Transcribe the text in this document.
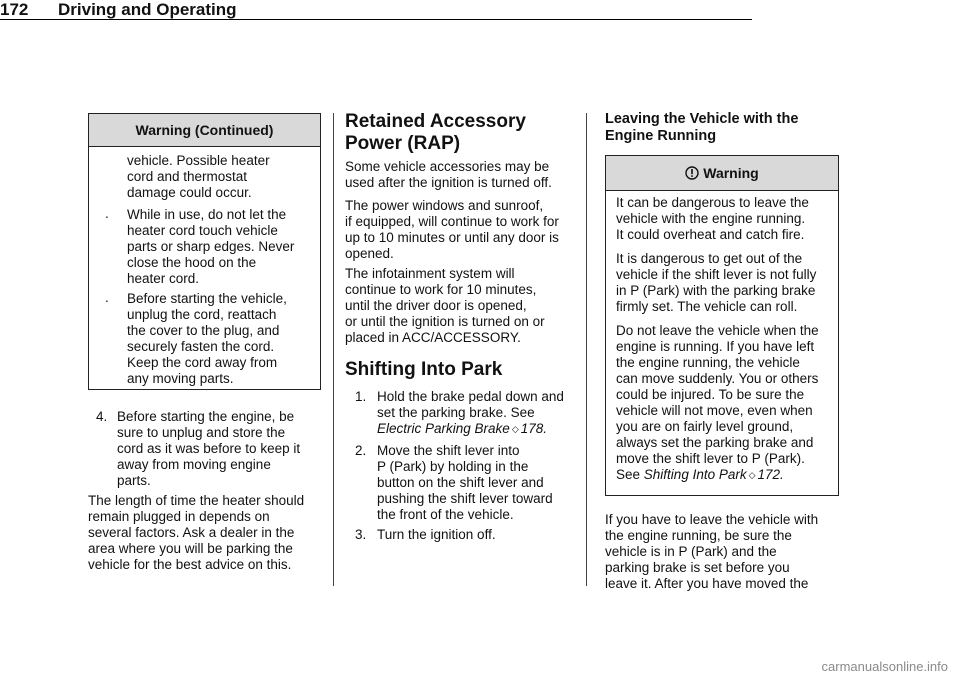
172 Driving and Operating
Warning (Continued)
vehicle. Possible heater
cord and thermostat
damage could occur.
. While in use, do not let the
heater cord touch vehicle
parts or sharp edges. Never
close the hood on the
heater cord.
. Before starting the vehicle,
unplug the cord, reattach
the cover to the plug, and
securely fasten the cord.
Keep the cord away from
any moving parts.
4. Before starting the engine, be
sure to unplug and store the
cord as it was before to keep it
away from moving engine
parts.
The length of time the heater should
remain plugged in depends on
several factors. Ask a dealer in the
area where you will be parking the
vehicle for the best advice on this.
Retained Accessory
Power (RAP)
Some vehicle accessories may be
used after the ignition is turned off.
The power windows and sunroof,
if equipped, will continue to work for
up to 10 minutes or until any door is
opened.
The infotainment system will
continue to work for 10 minutes,
until the driver door is opened,
or until the ignition is turned on or
placed in ACC/ACCESSORY.
Shifting Into Park
1. Hold the brake pedal down and
set the parking brake. See
Electric Parking Brake ◇ 178.
2. Move the shift lever into
P (Park) by holding in the
button on the shift lever and
pushing the shift lever toward
the front of the vehicle.
3. Turn the ignition off.
Leaving the Vehicle with the
Engine Running
Warning
It can be dangerous to leave the
vehicle with the engine running.
It could overheat and catch fire.
It is dangerous to get out of the
vehicle if the shift lever is not fully
in P (Park) with the parking brake
firmly set. The vehicle can roll.
Do not leave the vehicle when the
engine is running. If you have left
the engine running, the vehicle
can move suddenly. You or others
could be injured. To be sure the
vehicle will not move, even when
you are on fairly level ground,
always set the parking brake and
move the shift lever to P (Park).
See Shifting Into Park ◇ 172.
If you have to leave the vehicle with
the engine running, be sure the
vehicle is in P (Park) and the
parking brake is set before you
leave it. After you have moved the
carmanualsonline.info
